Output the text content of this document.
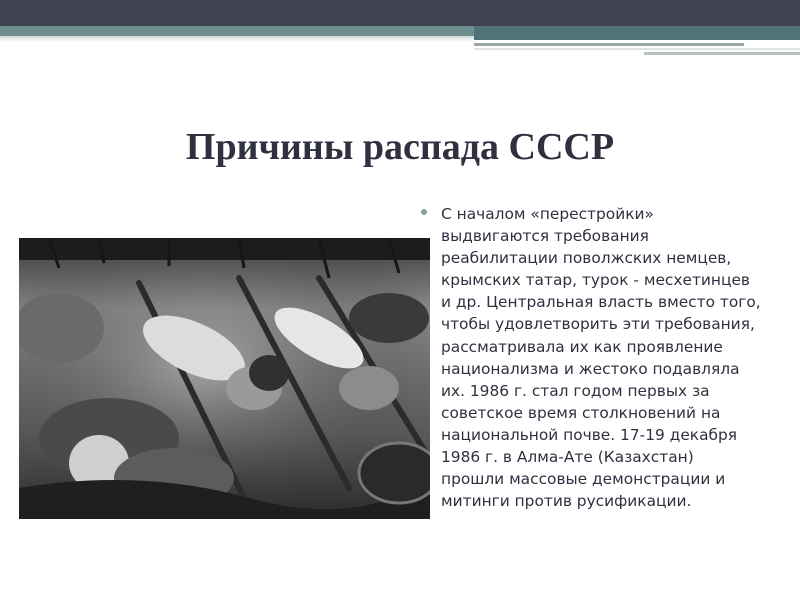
Причины распада СССР

С началом «перестройки» выдвигаются требования реабилитации поволжских немцев, крымских татар, турок - месхетинцев и др. Центральная власть вместо того, чтобы удовлетворить эти требования, рассматривала их как проявление национализма и жестоко подавляла их. 1986 г. стал годом первых за советское время столкновений на национальной почве. 17-19 декабря 1986 г. в Алма-Ате (Казахстан) прошли массовые демонстрации и митинги против русификации.
